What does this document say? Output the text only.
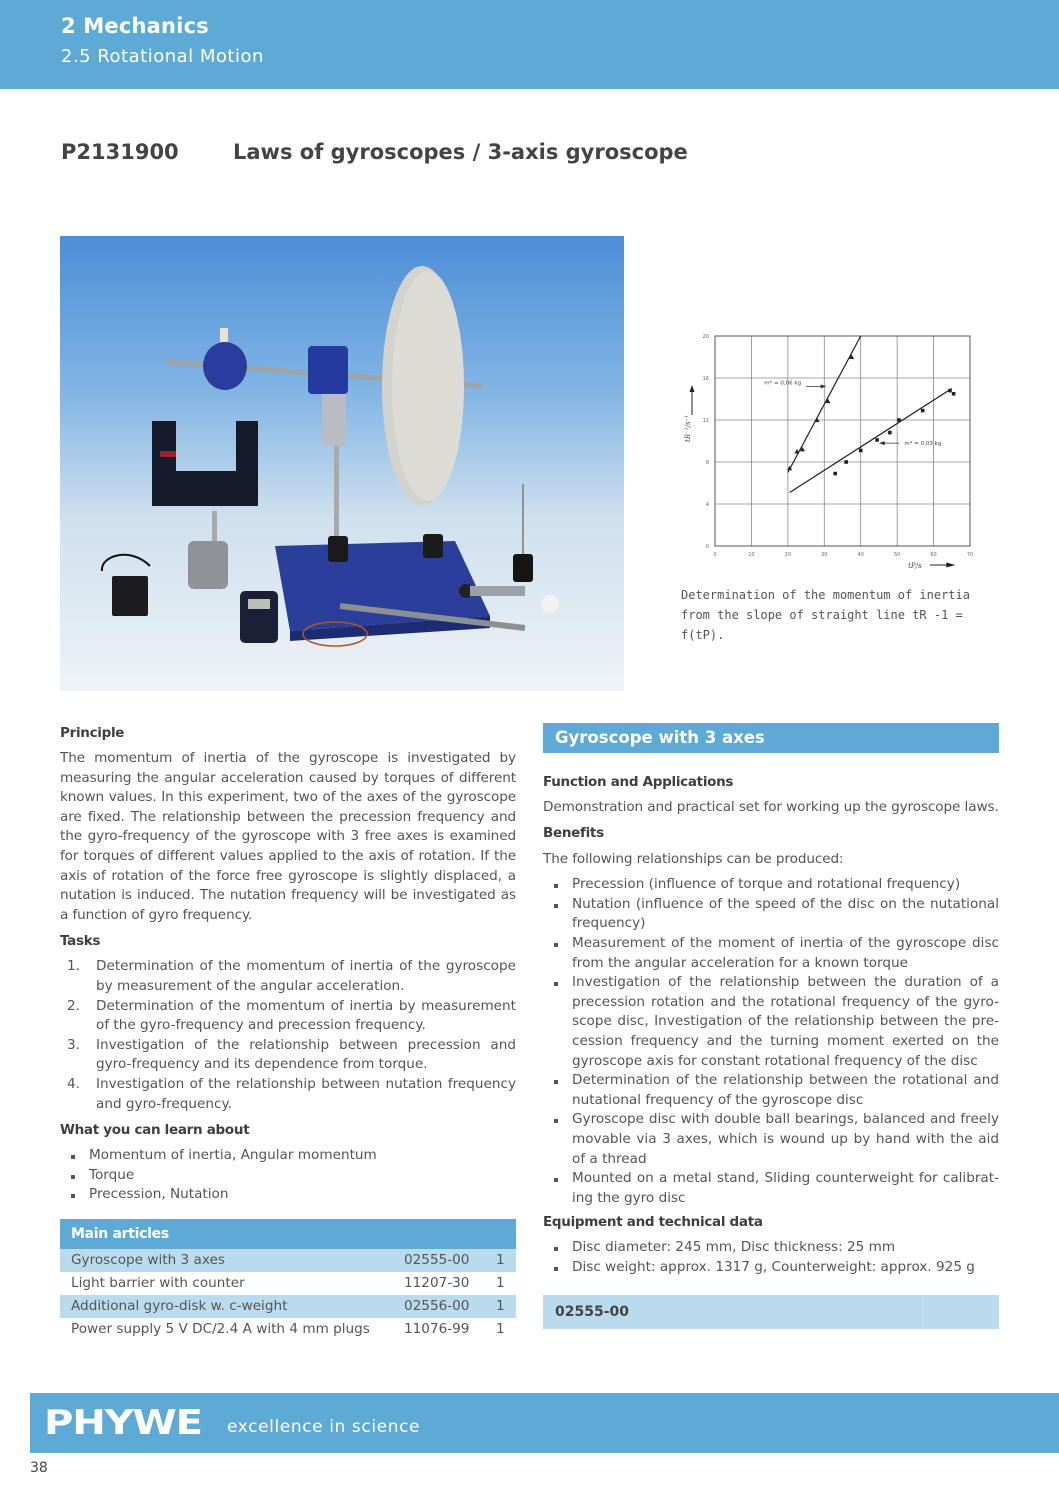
2 Mechanics
2.5 Rotational Motion
P2131900	Laws of gyroscopes / 3-axis gyroscope
0	10	20	30	40	50	60	70
0
4
8
12
16
20
m* = 0,06 kg
m* = 0,03 kg
tR⁻¹/s⁻¹
tP/s
Determination of the momentum of inertia from the slope of straight line tR -1 = f(tP).
Principle

The momentum of inertia of the gyroscope is investigated by measuring the angular acceleration caused by torques of different known values. In this experiment, two of the axes of the gyroscope are fixed. The relationship between the precession frequency and the gyro-frequency of the gyroscope with 3 free axes is examined for torques of different values applied to the axis of rotation. If the axis of rotation of the force free gyroscope is slightly displaced, a nutation is induced. The nutation frequency will be investigated as a function of gyro frequency.

Tasks
1. Determination of the momentum of inertia of the gyroscope by measurement of the angular acceleration.
2. Determination of the momentum of inertia by measurement of the gyro-frequency and precession frequency.
3. Investigation of the relationship between precession and gyro-frequency and its dependence from torque.
4. Investigation of the relationship between nutation frequency and gyro-frequency.
What you can learn about
Momentum of inertia, Angular momentum
Torque
Precession, Nutation
Main articles
Gyroscope with 3 axes	02555-00	1
Light barrier with counter	11207-30	1
Additional gyro-disk w. c-weight	02556-00	1
Power supply 5 V DC/2.4 A with 4 mm plugs	11076-99	1
Gyroscope with 3 axes
Function and Applications

Demonstration and practical set for working up the gyroscope laws.

Benefits

The following relationships can be produced:

Precession (influence of torque and rotational frequency)
Nutation (influence of the speed of the disc on the nutational frequency)
Measurement of the moment of inertia of the gyroscope disc from the angular acceleration for a known torque
Investigation of the relationship between the duration of a precession rotation and the rotational frequency of the gyro-scope disc, Investigation of the relationship between the pre-cession frequency and the turning moment exerted on the gyroscope axis for constant rotational frequency of the disc
Determination of the relationship between the rotational and nutational frequency of the gyroscope disc
Gyroscope disc with double ball bearings, balanced and freely movable via 3 axes, which is wound up by hand with the aid of a thread
Mounted on a metal stand, Sliding counterweight for calibrat-ing the gyro disc
Equipment and technical data
Disc diameter: 245 mm, Disc thickness: 25 mm
Disc weight: approx. 1317 g, Counterweight: approx. 925 g
02555-00
PHYWE excellence in science
38
